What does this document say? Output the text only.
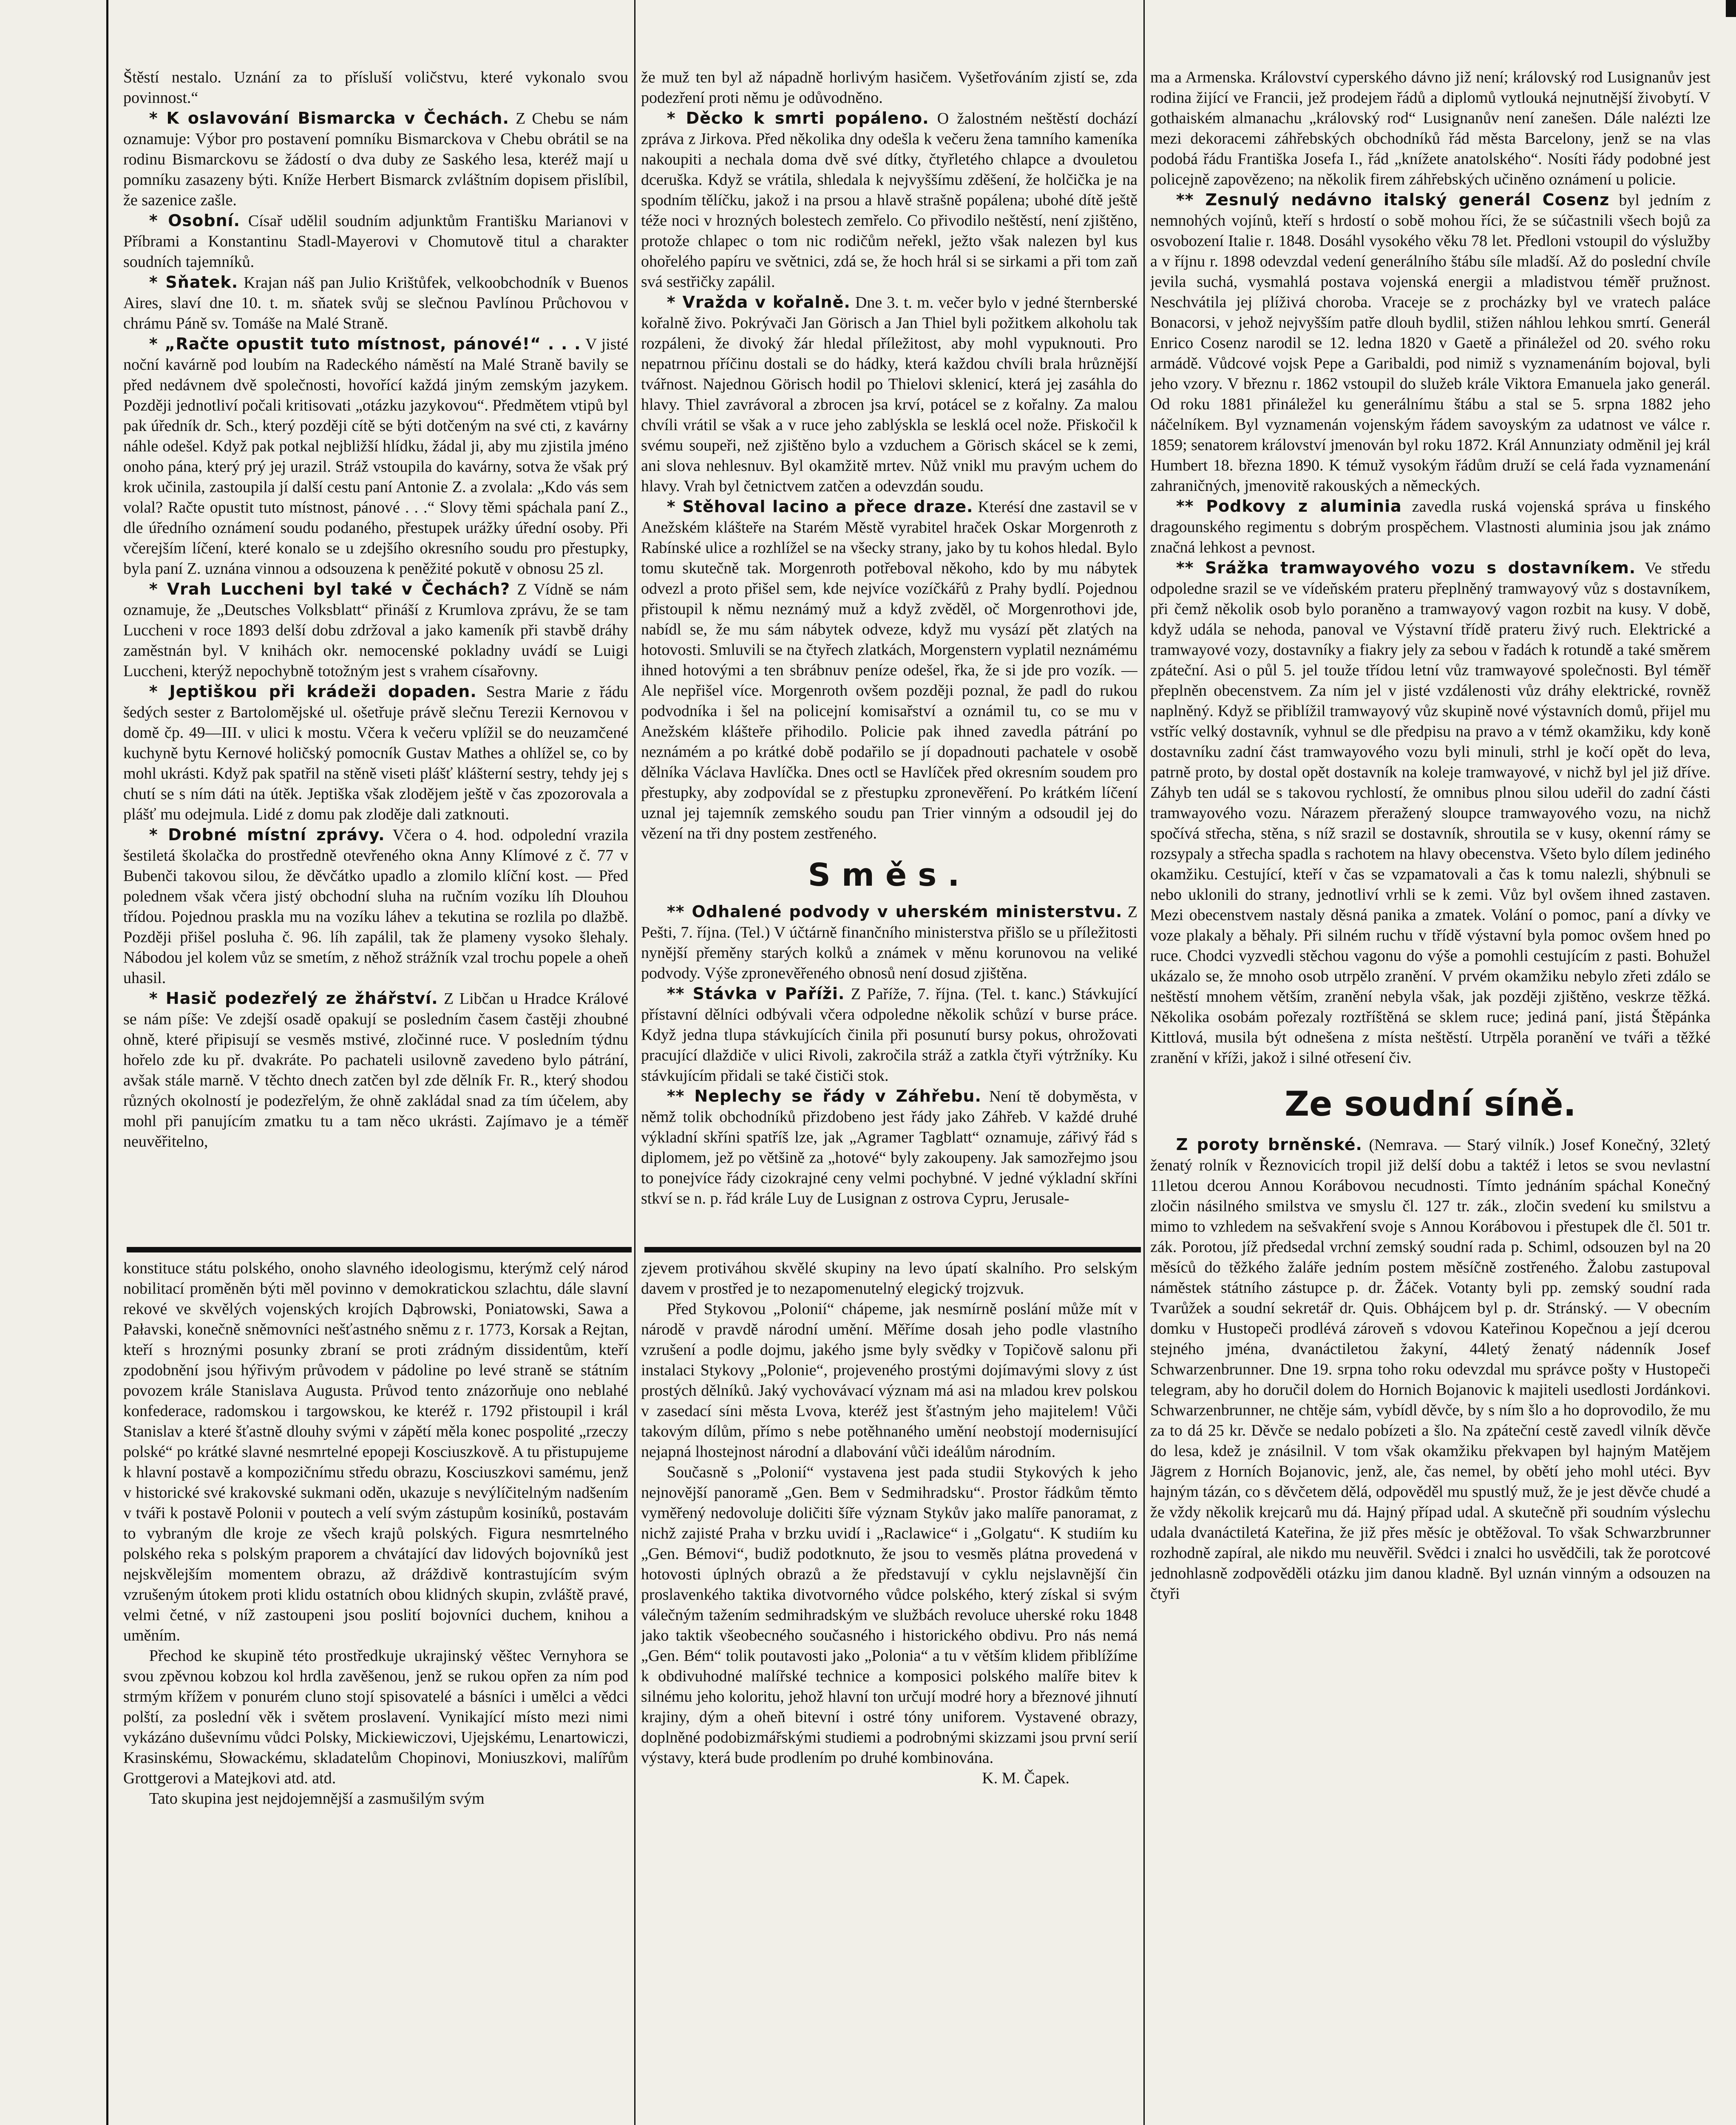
Štěstí nestalo. Uznání za to přísluší voličstvu, které vykonalo svou povinnost.“

* K oslavování Bismarcka v Čechách. Z Chebu se nám oznamuje: Výbor pro postavení pomníku Bismarckova v Chebu obrátil se na rodinu Bismarckovu se žádostí o dva duby ze Saského lesa, kteréž mají u pomníku zasazeny býti. Kníže Herbert Bismarck zvláštním dopisem přislíbil, že sazenice zašle.

* Osobní. Císař udělil soudním adjunktům Františku Marianovi v Příbrami a Konstantinu Stadl-Mayerovi v Chomutově titul a charakter soudních tajemníků.

* Sňatek. Krajan náš pan Julio Krištůfek, velkoobchodník v Buenos Aires, slaví dne 10. t. m. sňatek svůj se slečnou Pavlínou Průchovou v chrámu Páně sv. Tomáše na Malé Straně.

* „Račte opustit tuto místnost, pánové!“ . . . V jisté noční kavárně pod loubím na Radeckého náměstí na Malé Straně bavily se před nedávnem dvě společnosti, hovořící každá jiným zemským jazykem. Později jednotliví počali kritisovati „otázku jazykovou“. Předmětem vtipů byl pak úředník dr. Sch., který později cítě se býti dotčeným na své cti, z kavárny náhle odešel. Když pak potkal nejbližší hlídku, žádal ji, aby mu zjistila jméno onoho pána, který prý jej urazil. Stráž vstoupila do kavárny, sotva že však prý krok učinila, zastoupila jí další cestu paní Antonie Z. a zvolala: „Kdo vás sem volal? Račte opustit tuto místnost, pánové . . .“ Slovy těmi spáchala paní Z., dle úředního oznámení soudu podaného, přestupek urážky úřední osoby. Při včerejším líčení, které konalo se u zdejšího okresního soudu pro přestupky, byla paní Z. uznána vinnou a odsouzena k peněžité pokutě v obnosu 25 zl.

* Vrah Luccheni byl také v Čechách? Z Vídně se nám oznamuje, že „Deutsches Volksblatt“ přináší z Krumlova zprávu, že se tam Luccheni v roce 1893 delší dobu zdržoval a jako kameník při stavbě dráhy zaměstnán byl. V knihách okr. nemocenské pokladny uvádí se Luigi Luccheni, kterýž nepochybně totožným jest s vrahem císařovny.

* Jeptiškou při krádeži dopaden. Sestra Marie z řádu šedých sester z Bartolomějské ul. ošetřuje právě slečnu Terezii Kernovou v domě čp. 49—III. v ulici k mostu. Včera k večeru vplížil se do neuzamčené kuchyně bytu Kernové holičský pomocník Gustav Mathes a ohlížel se, co by mohl ukrásti. Když pak spatřil na stěně viseti plášť klášterní sestry, tehdy jej s chutí se s ním dáti na útěk. Jeptiška však zlodějem ještě v čas zpozorovala a plášť mu odejmula. Lidé z domu pak zloděje dali zatknouti.

* Drobné místní zprávy. Včera o 4. hod. odpolední vrazila šestiletá školačka do prostředně otevřeného okna Anny Klímové z č. 77 v Bubenči takovou silou, že děvčátko upadlo a zlomilo klíční kost. — Před polednem však včera jistý obchodní sluha na ručním vozíku líh Dlouhou třídou. Pojednou praskla mu na vozíku láhev a tekutina se rozlila po dlažbě. Později přišel posluha č. 96. líh zapálil, tak že plameny vysoko šlehaly. Nábodou jel kolem vůz se smetím, z něhož strážník vzal trochu popele a oheň uhasil.

* Hasič podezřelý ze žhářství. Z Libčan u Hradce Králové se nám píše: Ve zdejší osadě opakují se posledním časem častěji zhoubné ohně, které připisují se vesměs mstivé, zločinné ruce. V posledním týdnu hořelo zde ku př. dvakráte. Po pachateli usilovně zavedeno bylo pátrání, avšak stále marně. V těchto dnech zatčen byl zde dělník Fr. R., který shodou různých okolností je podezřelým, že ohně zakládal snad za tím účelem, aby mohl při panujícím zmatku tu a tam něco ukrásti. Zajímavo je a téměř neuvěřitelno,

že muž ten byl až nápadně horlivým hasičem. Vyšetřováním zjistí se, zda podezření proti němu je odůvodněno.

* Děcko k smrti popáleno. O žalostném neštěstí dochází zpráva z Jirkova. Před několika dny odešla k večeru žena tamního kameníka nakoupiti a nechala doma dvě své dítky, čtyřletého chlapce a dvouletou dceruška. Když se vrátila, shledala k nejvyššímu zděšení, že holčička je na spodním tělíčku, jakož i na prsou a hlavě strašně popálena; ubohé dítě ještě téže noci v hrozných bolestech zemřelo. Co přivodilo neštěstí, není zjištěno, protože chlapec o tom nic rodičům neřekl, ježto však nalezen byl kus ohořelého papíru ve světnici, zdá se, že hoch hrál si se sirkami a při tom zaň svá sestřičky zapálil.

* Vražda v kořalně. Dne 3. t. m. večer bylo v jedné šternberské kořalně živo. Pokrývači Jan Görisch a Jan Thiel byli požitkem alkoholu tak rozpáleni, že divoký žár hledal příležitost, aby mohl vypuknouti. Pro nepatrnou příčinu dostali se do hádky, která každou chvíli brala hrůznější tvářnost. Najednou Görisch hodil po Thielovi sklenicí, která jej zasáhla do hlavy. Thiel zavrávoral a zbrocen jsa krví, potácel se z kořalny. Za malou chvíli vrátil se však a v ruce jeho zablýskla se lesklá ocel nože. Přiskočil k svému soupeři, než zjištěno bylo a vzduchem a Görisch skácel se k zemi, ani slova nehlesnuv. Byl okamžitě mrtev. Nůž vnikl mu pravým uchem do hlavy. Vrah byl četnictvem zatčen a odevzdán soudu.

* Stěhoval lacino a přece draze. Kterésí dne zastavil se v Anežském klášteře na Starém Městě vyrabitel hraček Oskar Morgenroth z Rabínské ulice a rozhlížel se na všecky strany, jako by tu kohos hledal. Bylo tomu skutečně tak. Morgenroth potřeboval někoho, kdo by mu nábytek odvezl a proto přišel sem, kde nejvíce vozíčkářů z Prahy bydlí. Pojednou přistoupil k němu neznámý muž a když zvěděl, oč Morgenrothovi jde, nabídl se, že mu sám nábytek odveze, když mu vysází pět zlatých na hotovosti. Smluvili se na čtyřech zlatkách, Morgenstern vyplatil neznámému ihned hotovými a ten sbrábnuv peníze odešel, řka, že si jde pro vozík. — Ale nepřišel více. Morgenroth ovšem později poznal, že padl do rukou podvodníka i šel na policejní komisařství a oznámil tu, co se mu v Anežském klášteře přihodilo. Policie pak ihned zavedla pátrání po neznámém a po krátké době podařilo se jí dopadnouti pachatele v osobě dělníka Václava Havlíčka. Dnes octl se Havlíček před okresním soudem pro přestupky, aby zodpovídal se z přestupku zpronevěření. Po krátkém líčení uznal jej tajemník zemského soudu pan Trier vinným a odsoudil jej do vězení na tři dny postem zestřeného.

Směs.

** Odhalené podvody v uherském ministerstvu. Z Pešti, 7. října. (Tel.) V účtárně finančního ministerstva přišlo se u příležitosti nynější přeměny starých kolků a známek v měnu korunovou na veliké podvody. Výše zpronevěřeného obnosů není dosud zjištěna.

** Stávka v Paříži. Z Paříže, 7. října. (Tel. t. kanc.) Stávkující přístavní dělníci odbývali včera odpoledne několik schůzí v burse práce. Když jedna tlupa stávkujících činila při posunutí bursy pokus, ohrožovati pracující dlaždiče v ulici Rivoli, zakročila stráž a zatkla čtyři výtržníky. Ku stávkujícím přidali se také čističi stok.

** Neplechy se řády v Záhřebu. Není tě dobyměsta, v němž tolik obchodníků přizdobeno jest řády jako Záhřeb. V každé druhé výkladní skříni spatříš lze, jak „Agramer Tagblatt“ oznamuje, zářivý řád s diplomem, jež po většině za „hotové“ byly zakoupeny. Jak samozřejmo jsou to ponejvíce řády cizokrajné ceny velmi pochybné. V jedné výkladní skříni stkví se n. p. řád krále Luy de Lusignan z ostrova Cypru, Jerusale-

ma a Armenska. Království cyperského dávno již není; královský rod Lusignanův jest rodina žijící ve Francii, jež prodejem řádů a diplomů vytlouká nejnutnější živobytí. V gothaiském almanachu „královský rod“ Lusignanův není zanešen. Dále nalézti lze mezi dekoracemi záhřebských obchodníků řád města Barcelony, jenž se na vlas podobá řádu Františka Josefa I., řád „knížete anatolského“. Nosíti řády podobné jest policejně zapovězeno; na několik firem záhřebských učiněno oznámení u policie.

** Zesnulý nedávno italský generál Cosenz byl jedním z nemnohých vojínů, kteří s hrdostí o sobě mohou říci, že se súčastnili všech bojů za osvobození Italie r. 1848. Dosáhl vysokého věku 78 let. Předloni vstoupil do výslužby a v říjnu r. 1898 odevzdal vedení generálního štábu síle mladší. Až do poslední chvíle jevila suchá, vysmahlá postava vojenská energii a mladistvou téměř pružnost. Neschvátila jej plíživá choroba. Vraceje se z procházky byl ve vratech paláce Bonacorsi, v jehož nejvyšším patře dlouh bydlil, stižen náhlou lehkou smrtí. Generál Enrico Cosenz narodil se 12. ledna 1820 v Gaetě a přináležel od 20. svého roku armádě. Vůdcové vojsk Pepe a Garibaldi, pod nimiž s vyznamenáním bojoval, byli jeho vzory. V březnu r. 1862 vstoupil do služeb krále Viktora Emanuela jako generál. Od roku 1881 přináležel ku generálnímu štábu a stal se 5. srpna 1882 jeho náčelníkem. Byl vyznamenán vojenským řádem savoyským za udatnost ve válce r. 1859; senatorem království jmenován byl roku 1872. Král Annunziaty odměnil jej král Humbert 18. března 1890. K témuž vysokým řádům druží se celá řada vyznamenání zahraničných, jmenovitě rakouských a německých.

** Podkovy z aluminia zavedla ruská vojenská správa u finského dragounského regimentu s dobrým prospěchem. Vlastnosti aluminia jsou jak známo značná lehkost a pevnost.

** Srážka tramwayového vozu s dostavníkem. Ve středu odpoledne srazil se ve vídeňském prateru přeplněný tramwayový vůz s dostavníkem, při čemž několik osob bylo poraněno a tramwayový vagon rozbit na kusy. V době, když udála se nehoda, panoval ve Výstavní třídě prateru živý ruch. Elektrické a tramwayové vozy, dostavníky a fiakry jely za sebou v řadách k rotundě a také směrem zpáteční. Asi o půl 5. jel touže třídou letní vůz tramwayové společnosti. Byl téměř přeplněn obecenstvem. Za ním jel v jisté vzdálenosti vůz dráhy elektrické, rovněž naplněný. Když se přiblížil tramwayový vůz skupině nové výstavních domů, přijel mu vstříc velký dostavník, vyhnul se dle předpisu na pravo a v témž okamžiku, kdy koně dostavníku zadní část tramwayového vozu byli minuli, strhl je kočí opět do leva, patrně proto, by dostal opět dostavník na koleje tramwayové, v nichž byl jel již dříve. Záhyb ten udál se s takovou rychlostí, že omnibus plnou silou udeřil do zadní části tramwayového vozu. Nárazem přeražený sloupce tramwayového vozu, na nichž spočívá střecha, stěna, s níž srazil se dostavník, shroutila se v kusy, okenní rámy se rozsypaly a střecha spadla s rachotem na hlavy obecenstva. Všeto bylo dílem jediného okamžiku. Cestující, kteří v čas se vzpamatovali a čas k tomu nalezli, shýbnuli se nebo uklonili do strany, jednotliví vrhli se k zemi. Vůz byl ovšem ihned zastaven. Mezi obecenstvem nastaly děsná panika a zmatek. Volání o pomoc, paní a dívky ve voze plakaly a běhaly. Při silném ruchu v třídě výstavní byla pomoc ovšem hned po ruce. Chodci vyzvedli stěchou vagonu do výše a pomohli cestujícím z pasti. Bohužel ukázalo se, že mnoho osob utrpělo zranění. V prvém okamžiku nebylo zřeti zdálo se neštěstí mnohem větším, zranění nebyla však, jak později zjištěno, veskrze těžká. Několika osobám pořezaly roztříštěná se sklem ruce; jediná paní, jistá Štěpánka Kittlová, musila být odnešena z místa neštěstí. Utrpěla poranění ve tváři a těžké zranění v kříži, jakož i silné otřesení čiv.

Ze soudní síně.

Z poroty brněnské. (Nemrava. — Starý vilník.) Josef Konečný, 32letý ženatý rolník v Řeznovicích tropil již delší dobu a taktéž i letos se svou nevlastní 11letou dcerou Annou Korábovou necudnosti. Tímto jednáním spáchal Konečný zločin násilného smilstva ve smyslu čl. 127 tr. zák., zločin svedení ku smilstvu a mimo to vzhledem na sešvakření svoje s Annou Korábovou i přestupek dle čl. 501 tr. zák. Porotou, jíž předsedal vrchní zemský soudní rada p. Schiml, odsouzen byl na 20 měsíců do těžkého žaláře jedním postem měsíčně zostřeného. Žalobu zastupoval náměstek státního zástupce p. dr. Žáček. Votanty byli pp. zemský soudní rada Tvarůžek a soudní sekretář dr. Quis. Obhájcem byl p. dr. Stránský. — V obecním domku v Hustopeči prodlévá zároveň s vdovou Kateřinou Kopečnou a její dcerou stejného jména, dvanáctiletou žakyní, 44letý ženatý nádenník Josef Schwarzenbrunner. Dne 19. srpna toho roku odevzdal mu správce pošty v Hustopeči telegram, aby ho doručil dolem do Hornich Bojanovic k majiteli usedlosti Jordánkovi. Schwarzenbrunner, ne chtěje sám, vybídl děvče, by s ním šlo a ho doprovodilo, že mu za to dá 25 kr. Děvče se nedalo pobízeti a šlo. Na zpáteční cestě zavedl vilník děvče do lesa, kdež je znásilnil. V tom však okamžiku překvapen byl hajným Matějem Jägrem z Horních Bojanovic, jenž, ale, čas nemel, by obětí jeho mohl utéci. Byv hajným tázán, co s děvčetem dělá, odpověděl mu spustlý muž, že je jest děvče chudé a že vždy několik krejcarů mu dá. Hajný případ udal. A skutečně při soudním výslechu udala dvanáctiletá Kateřina, že již přes měsíc je obtěžoval. To však Schwarzbrunner rozhodně zapíral, ale nikdo mu neuvěřil. Svědci i znalci ho usvědčili, tak že porotcové jednohlasně zodpověděli otázku jim danou kladně. Byl uznán vinným a odsouzen na čtyři

konstituce státu polského, onoho slavného ideologismu, kterýmž celý národ nobilitací proměněn býti měl povinno v demokratickou szlachtu, dále slavní rekové ve skvělých vojenských krojích Dąbrowski, Poniatowski, Sawa a Pałavski, konečně sněmovníci nešťastného sněmu z r. 1773, Korsak a Rejtan, kteří s hroznými posunky zbraní se proti zrádným dissidentům, kteří zpodobnění jsou hýřivým průvodem v pádoline po levé straně se státním povozem krále Stanislava Augusta. Průvod tento znázorňuje ono neblahé konfederace, radomskou i targowskou, ke kteréž r. 1792 přistoupil i král Stanislav a které šťastně dlouhy svými v zápětí měla konec pospolité „rzeczy polské“ po krátké slavné nesmrtelné epopeji Kosciuszkově. A tu přistupujeme k hlavní postavě a kompozičnímu středu obrazu, Kosciuszkovi samému, jenž v historické své krakovské sukmani oděn, ukazuje s nevýlíčitelným nadšením v tváři k postavě Polonii v poutech a velí svým zástupům kosiníků, postavám to vybraným dle kroje ze všech krajů polských. Figura nesmrtelného polského reka s polským praporem a chvátající dav lidových bojovníků jest nejskvělejším momentem obrazu, až dráždivě kontrastujícím svým vzrušeným útokem proti klidu ostatních obou klidných skupin, zvláště pravé, velmi četné, v níž zastoupeni jsou poslití bojovníci duchem, knihou a uměním.

Přechod ke skupině této prostředkuje ukrajinský věštec Vernyhora se svou zpěvnou kobzou kol hrdla zavěšenou, jenž se rukou opřen za ním pod strmým křížem v ponurém cluno stojí spisovatelé a básníci i umělci a vědci polští, za poslední věk i světem proslavení. Vynikající místo mezi nimi vykázáno duševnímu vůdci Polsky, Mickiewiczovi, Ujejskému, Lenartowiczi, Krasinskému, Słowackému, skladatelům Chopinovi, Moniuszkovi, malířům Grottgerovi a Matejkovi atd. atd.

Tato skupina jest nejdojemnější a zasmušilým svým

zjevem protiváhou skvělé skupiny na levo úpatí skalního. Pro selským davem v prostřed je to nezapomenutelný elegický trojzvuk.

Před Stykovou „Polonií“ chápeme, jak nesmírně poslání může mít v národě v pravdě národní umění. Měříme dosah jeho podle vlastního vzrušení a podle dojmu, jakého jsme byly svědky v Topičově salonu při instalaci Stykovy „Polonie“, projeveného prostými dojímavými slovy z úst prostých dělníků. Jaký vychovávací význam má asi na mladou krev polskou v zasedací síni města Lvova, kteréž jest šťastným jeho majitelem! Vůči takovým dílům, přímo s nebe potěhnaného umění neobstojí modernisující nejapná lhostejnost národní a dlabování vůči ideálům národním.

Současně s „Polonií“ vystavena jest pada studii Stykových k jeho nejnovější panoramě „Gen. Bem v Sedmihradsku“. Prostor řádkům těmto vyměřený nedovoluje doličiti šíře význam Stykův jako malíře panoramat, z nichž zajisté Praha v brzku uvidí i „Raclawice“ i „Golgatu“. K studiím ku „Gen. Bémovi“, budiž podotknuto, že jsou to vesměs plátna provedená v hotovosti úplných obrazů a že představují v cyklu nejslavnější čin proslavenkého taktika divotvorného vůdce polského, který získal si svým válečným tažením sedmihradským ve službách revoluce uherské roku 1848 jako taktik všeobecného současného i historického obdivu. Pro nás nemá „Gen. Bém“ tolik poutavosti jako „Polonia“ a tu v větším klidem přiblížíme k obdivuhodné malířské technice a komposici polského malíře bitev k silnému jeho koloritu, jehož hlavní ton určují modré hory a březnové jihnutí krajiny, dým a oheň bitevní i ostré tóny uniforem. Vystavené obrazy, doplněné podobizmářskými studiemi a podrobnými skizzami jsou první serií výstavy, která bude prodlením po druhé kombinována.

K. M. Čapek.
